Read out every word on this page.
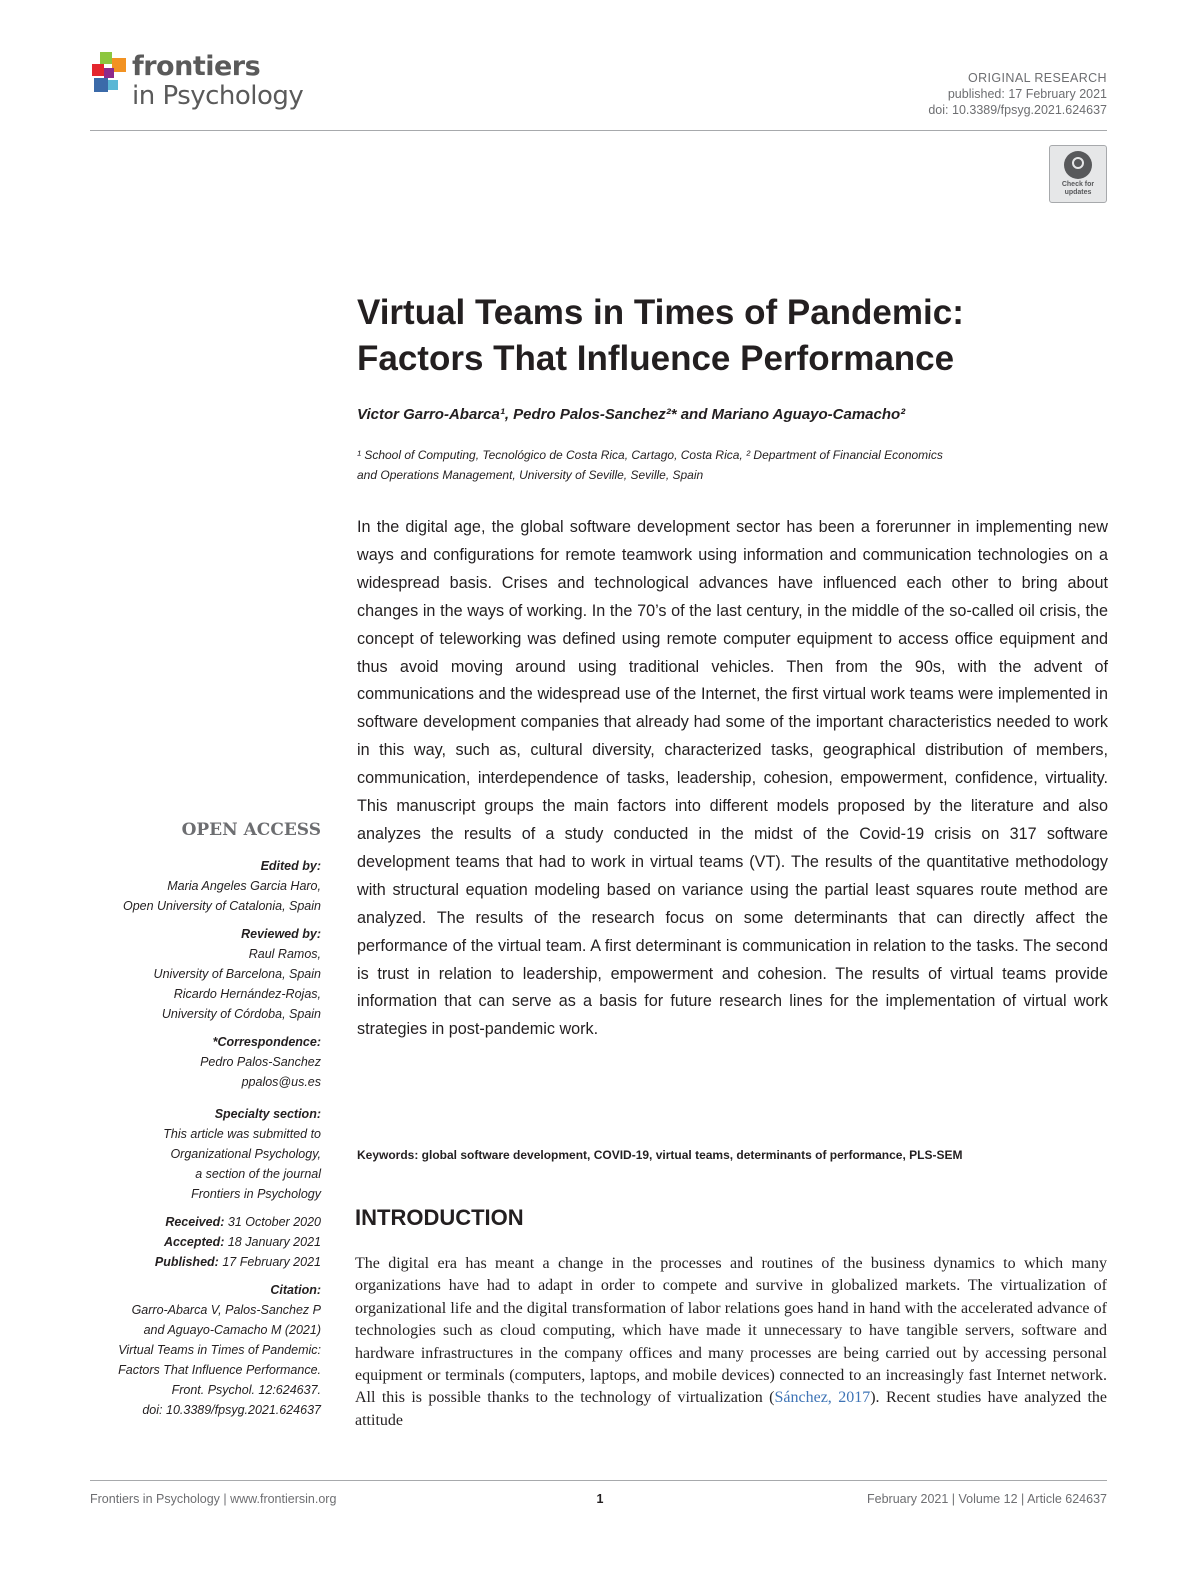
frontiers
in Psychology
ORIGINAL RESEARCH
published: 17 February 2021
doi: 10.3389/fpsyg.2021.624637
Check for updates
Virtual Teams in Times of Pandemic:
Factors That Influence Performance
Victor Garro-Abarca¹, Pedro Palos-Sanchez²* and Mariano Aguayo-Camacho²
¹ School of Computing, Tecnológico de Costa Rica, Cartago, Costa Rica, ² Department of Financial Economics
and Operations Management, University of Seville, Seville, Spain
In the digital age, the global software development sector has been a forerunner in implementing new ways and configurations for remote teamwork using information and communication technologies on a widespread basis. Crises and technological advances have influenced each other to bring about changes in the ways of working. In the 70’s of the last century, in the middle of the so-called oil crisis, the concept of teleworking was defined using remote computer equipment to access office equipment and thus avoid moving around using traditional vehicles. Then from the 90s, with the advent of communications and the widespread use of the Internet, the first virtual work teams were implemented in software development companies that already had some of the important characteristics needed to work in this way, such as, cultural diversity, characterized tasks, geographical distribution of members, communication, interdependence of tasks, leadership, cohesion, empowerment, confidence, virtuality. This manuscript groups the main factors into different models proposed by the literature and also analyzes the results of a study conducted in the midst of the Covid-19 crisis on 317 software development teams that had to work in virtual teams (VT). The results of the quantitative methodology with structural equation modeling based on variance using the partial least squares route method are analyzed. The results of the research focus on some determinants that can directly affect the performance of the virtual team. A first determinant is communication in relation to the tasks. The second is trust in relation to leadership, empowerment and cohesion. The results of virtual teams provide information that can serve as a basis for future research lines for the implementation of virtual work strategies in post-pandemic work.
Keywords: global software development, COVID-19, virtual teams, determinants of performance, PLS-SEM
INTRODUCTION
The digital era has meant a change in the processes and routines of the business dynamics to which many organizations have had to adapt in order to compete and survive in globalized markets. The virtualization of organizational life and the digital transformation of labor relations goes hand in hand with the accelerated advance of technologies such as cloud computing, which have made it unnecessary to have tangible servers, software and hardware infrastructures in the company offices and many processes are being carried out by accessing personal equipment or terminals (computers, laptops, and mobile devices) connected to an increasingly fast Internet network. All this is possible thanks to the technology of virtualization (Sánchez, 2017). Recent studies have analyzed the attitude
OPEN ACCESS
Edited by:
Maria Angeles Garcia Haro,
Open University of Catalonia, Spain
Reviewed by:
Raul Ramos,
University of Barcelona, Spain
Ricardo Hernández-Rojas,
University of Córdoba, Spain
*Correspondence:
Pedro Palos-Sanchez
ppalos@us.es
Specialty section:
This article was submitted to
Organizational Psychology,
a section of the journal
Frontiers in Psychology
Received: 31 October 2020
Accepted: 18 January 2021
Published: 17 February 2021
Citation:
Garro-Abarca V, Palos-Sanchez P
and Aguayo-Camacho M (2021)
Virtual Teams in Times of Pandemic:
Factors That Influence Performance.
Front. Psychol. 12:624637.
doi: 10.3389/fpsyg.2021.624637
Frontiers in Psychology | www.frontiersin.org	1	February 2021 | Volume 12 | Article 624637
